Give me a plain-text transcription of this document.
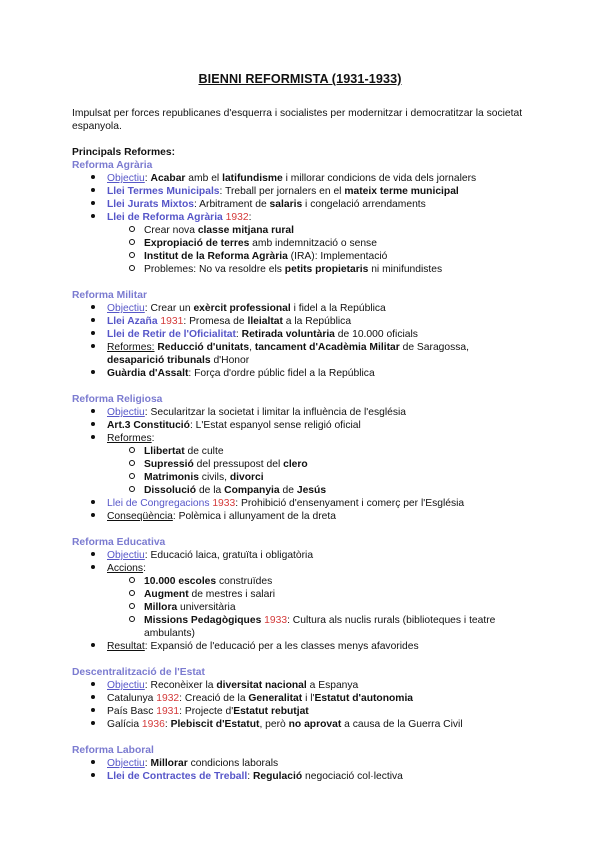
BIENNI REFORMISTA (1931-1933)
Impulsat per forces republicanes d'esquerra i socialistes per modernitzar i democratitzar la societat espanyola.
Principals Reformes:
Reforma Agrària
Objectiu: Acabar amb el latifundisme i millorar condicions de vida dels jornalers
Llei Termes Municipals: Treball per jornalers en el mateix terme municipal
Llei Jurats Mixtos: Arbitrament de salaris i congelació arrendaments
Llei de Reforma Agrària 1932:
Crear nova classe mitjana rural
Expropiació de terres amb indemnització o sense
Institut de la Reforma Agrària (IRA): Implementació
Problemes: No va resoldre els petits propietaris ni minifundistes
Reforma Militar
Objectiu: Crear un exèrcit professional i fidel a la República
Llei Azaña 1931: Promesa de lleialtat a la República
Llei de Retir de l'Oficialitat: Retirada voluntària de 10.000 oficials
Reformes: Reducció d'unitats, tancament d'Acadèmia Militar de Saragossa,
desaparició tribunals d'Honor
Guàrdia d'Assalt: Força d'ordre públic fidel a la República
Reforma Religiosa
Objectiu: Secularitzar la societat i limitar la influència de l'església
Art.3 Constitució: L'Estat espanyol sense religió oficial
Reformes:
Llibertat de culte
Supressió del pressupost del clero
Matrimonis civils, divorci
Dissolució de la Companyia de Jesús
Llei de Congregacions 1933: Prohibició d'ensenyament i comerç per l'Església
Conseqüència: Polèmica i allunyament de la dreta
Reforma Educativa
Objectiu: Educació laica, gratuïta i obligatòria
Accions:
10.000 escoles construïdes
Augment de mestres i salari
Millora universitària
Missions Pedagògiques 1933: Cultura als nuclis rurals (biblioteques i teatre
ambulants)
Resultat: Expansió de l'educació per a les classes menys afavorides
Descentralització de l'Estat
Objectiu: Reconèixer la diversitat nacional a Espanya
Catalunya 1932: Creació de la Generalitat i l'Estatut d'autonomia
País Basc 1931: Projecte d'Estatut rebutjat
Galícia 1936: Plebiscit d'Estatut, però no aprovat a causa de la Guerra Civil
Reforma Laboral
Objectiu: Millorar condicions laborals
Llei de Contractes de Treball: Regulació negociació col·lectiva
